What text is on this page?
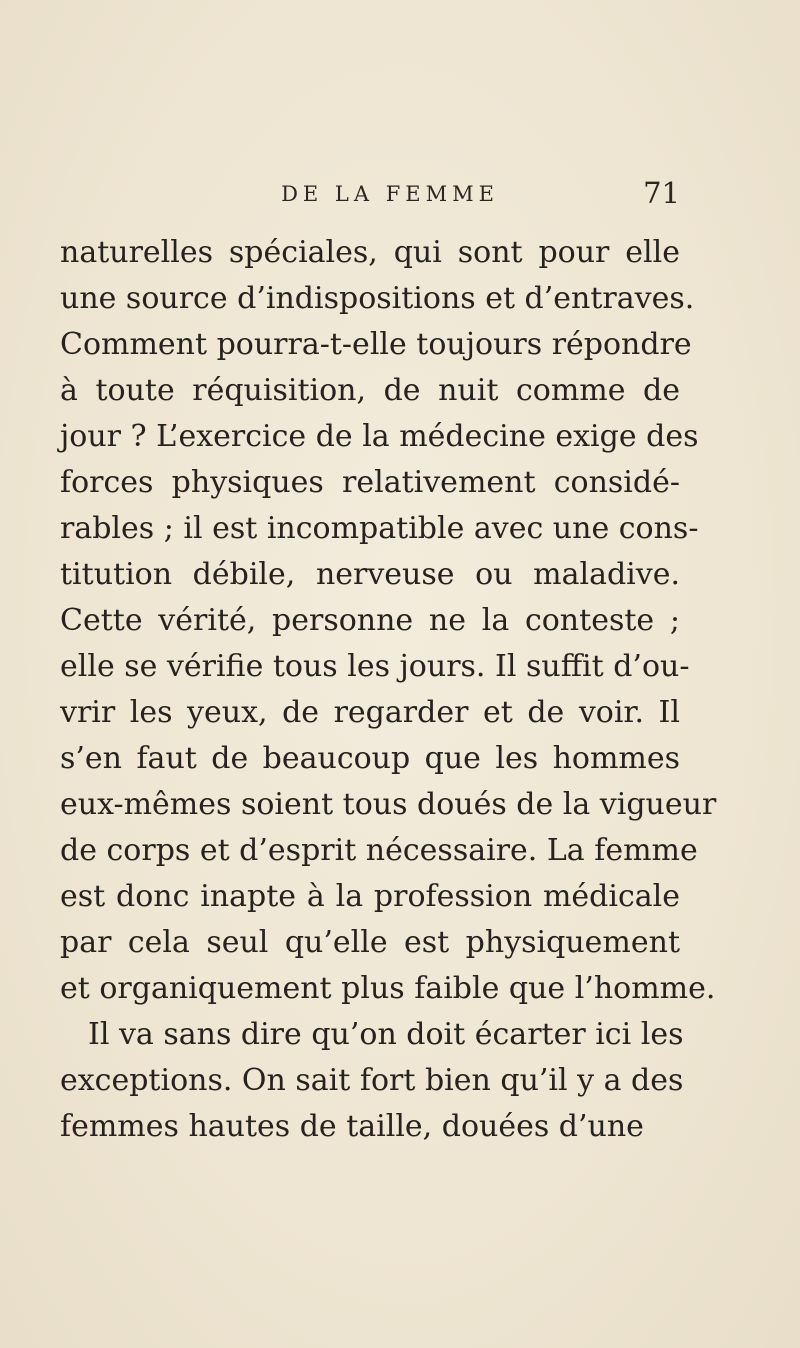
DE LA FEMME	71
naturelles spéciales, qui sont pour elle
une source d’indispositions et d’entraves.
Comment pourra-t-elle toujours répondre
à toute réquisition, de nuit comme de
jour ? L’exercice de la médecine exige des
forces physiques relativement considé-
rables ; il est incompatible avec une cons-
titution débile, nerveuse ou maladive.
Cette vérité, personne ne la conteste ;
elle se vérifie tous les jours. Il suffit d’ou-
vrir les yeux, de regarder et de voir. Il
s’en faut de beaucoup que les hommes
eux-mêmes soient tous doués de la vigueur
de corps et d’esprit nécessaire. La femme
est donc inapte à la profession médicale
par cela seul qu’elle est physiquement
et organiquement plus faible que l’homme.
Il va sans dire qu’on doit écarter ici les
exceptions. On sait fort bien qu’il y a des
femmes hautes de taille, douées d’une
